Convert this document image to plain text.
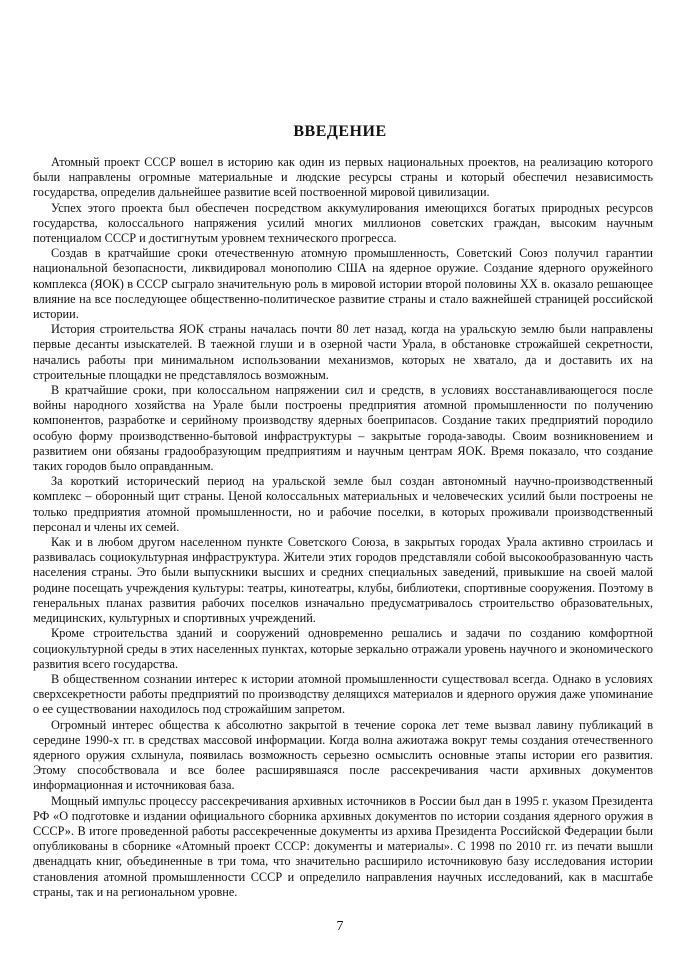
ВВЕДЕНИЕ

Атомный проект СССР вошел в историю как один из первых национальных проектов, на реализацию которого были направлены огромные материальные и людские ресурсы страны и который обеспечил независимость государства, определив дальнейшее развитие всей поствоенной мировой цивилизации.

Успех этого проекта был обеспечен посредством аккумулирования имеющихся богатых природных ресурсов государства, колоссального напряжения усилий многих миллионов советских граждан, высоким научным потенциалом СССР и достигнутым уровнем технического прогресса.

Создав в кратчайшие сроки отечественную атомную промышленность, Советский Союз получил гарантии национальной безопасности, ликвидировал монополию США на ядерное оружие. Создание ядерного оружейного комплекса (ЯОК) в СССР сыграло значительную роль в мировой истории второй половины XX в. оказало решающее влияние на все последующее общественно-политическое развитие страны и стало важнейшей страницей российской истории.

История строительства ЯОК страны началась почти 80 лет назад, когда на уральскую землю были направлены первые десанты изыскателей. В таежной глуши и в озерной части Урала, в обстановке строжайшей секретности, начались работы при минимальном использовании механизмов, которых не хватало, да и доставить их на строительные площадки не представлялось возможным.

В кратчайшие сроки, при колоссальном напряжении сил и средств, в условиях восстанавливающегося после войны народного хозяйства на Урале были построены предприятия атомной промышленности по получению компонентов, разработке и серийному производству ядерных боеприпасов. Создание таких предприятий породило особую форму производственно-бытовой инфраструктуры – закрытые города-заводы. Своим возникновением и развитием они обязаны градообразующим предприятиям и научным центрам ЯОК. Время показало, что создание таких городов было оправданным.

За короткий исторический период на уральской земле был создан автономный научно-производственный комплекс – оборонный щит страны. Ценой колоссальных материальных и человеческих усилий были построены не только предприятия атомной промышленности, но и рабочие поселки, в которых проживали производственный персонал и члены их семей.

Как и в любом другом населенном пункте Советского Союза, в закрытых городах Урала активно строилась и развивалась социокультурная инфраструктура. Жители этих городов представляли собой высокообразованную часть населения страны. Это были выпускники высших и средних специальных заведений, привыкшие на своей малой родине посещать учреждения культуры: театры, кинотеатры, клубы, библиотеки, спортивные сооружения. Поэтому в генеральных планах развития рабочих поселков изначально предусматривалось строительство образовательных, медицинских, культурных и спортивных учреждений.

Кроме строительства зданий и сооружений одновременно решались и задачи по созданию комфортной социокультурной среды в этих населенных пунктах, которые зеркально отражали уровень научного и экономического развития всего государства.

В общественном сознании интерес к истории атомной промышленности существовал всегда. Однако в условиях сверхсекретности работы предприятий по производству делящихся материалов и ядерного оружия даже упоминание о ее существовании находилось под строжайшим запретом.

Огромный интерес общества к абсолютно закрытой в течение сорока лет теме вызвал лавину публикаций в середине 1990-х гг. в средствах массовой информации. Когда волна ажиотажа вокруг темы создания отечественного ядерного оружия схлынула, появилась возможность серьезно осмыслить основные этапы истории его развития. Этому способствовала и все более расширявшаяся после рассекречивания части архивных документов информационная и источниковая база.

Мощный импульс процессу рассекречивания архивных источников в России был дан в 1995 г. указом Президента РФ «О подготовке и издании официального сборника архивных документов по истории создания ядерного оружия в СССР». В итоге проведенной работы рассекреченные документы из архива Президента Российской Федерации были опубликованы в сборнике «Атомный проект СССР: документы и материалы». С 1998 по 2010 гг. из печати вышли двенадцать книг, объединенные в три тома, что значительно расширило источниковую базу исследования истории становления атомной промышленности СССР и определило направления научных исследований, как в масштабе страны, так и на региональном уровне.

7
